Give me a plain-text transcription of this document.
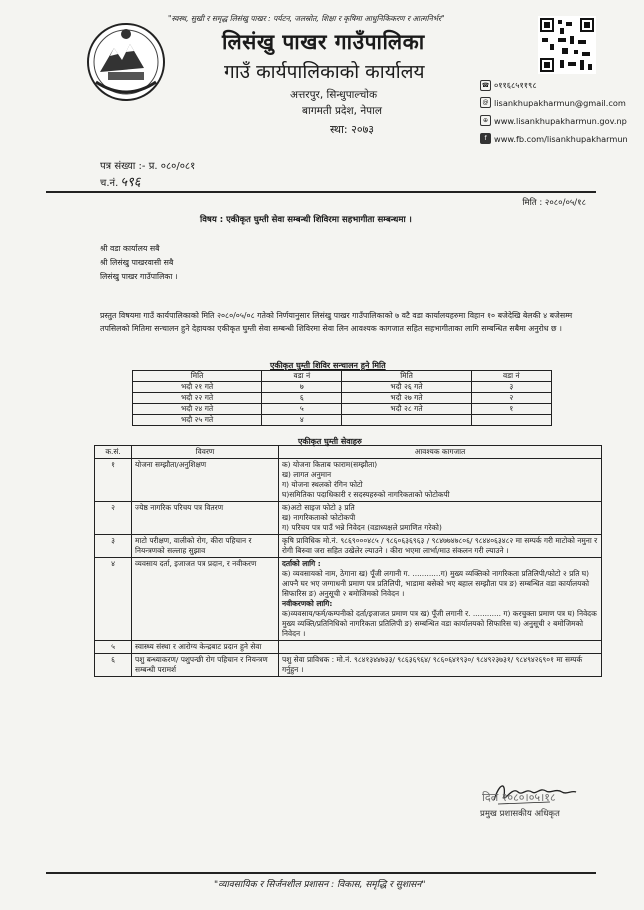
"स्वस्थ, सुखी र समृद्ध लिसंखु पाखर : पर्यटन, जलस्रोत, शिक्षा र कृषिमा आधुनिकिकरण र आत्मनिर्भर"
लिसंखु पाखर गाउँपालिका
गाउँ कार्यपालिकाको कार्यालय
अत्तरपुर, सिन्धुपाल्चोक
बागमती प्रदेश, नेपाल
स्था: २०७३
☎ ०११६८५११९८
@ lisankhupakharmun@gmail.com
⊕ www.lisankhupakharmun.gov.np
f www.fb.com/lisankhupakharmun
पत्र संख्या :- प्र. ०८०/०८१
च.नं. ५९६
मिति : २०८०/०५/१८
विषय : एकीकृत घुम्ती सेवा सम्बन्धी शिविरमा सहभागीता सम्बन्धमा ।
श्री वडा कार्यालय सबै
श्री लिसंखु पाखरवासी सबै
लिसंखु पाखर गाउँपालिका ।
प्रस्तुत विषयमा गाउँ कार्यपालिकाको मिति २०८०/०५/०८ गतेको निर्णयानुसार लिसंखु पाखर गाउँपालिकाको ७ वटै वडा कार्यालयहरुमा विहान १० बजेदेखि बेलकी ४ बजेसम्म तपसिलको मितिमा सन्चालन हुने देहायका एकीकृत घुम्ती सेवा सम्बन्धी शिविरमा सेवा लिन आवश्यक कागजात सहित सहभागीताका लागि सम्बन्धित सबैमा अनुरोध छ ।
एकीकृत घुम्ती शिविर सन्चालन हुने मिति
मिति	वडा नं	मिति	वडा नं
भदौ २१ गते	७	भदौ २६ गते	३
भदौ २२ गते	६	भदौ २७ गते	२
भदौ २४ गते	५	भदौ २८ गते	१
भदौ २५ गते	४		
एकीकृत घुम्ती सेवाहरु
क.सं.	विवरण	आवश्यक कागजात
१	योजना सम्झौता/अनुशिक्षण	क) योजना किताब फाराम(सम्झौता)
ख) लागत अनुमान
ग) योजना स्थलको रंगिन फोटो
घ)समितिका पदाधिकारी र सदस्यहरुको नागरिकताको फोटोकपी

२	ज्येष्ठ नागरिक परिचय पत्र वितरण	क)अटो साइज फोटो ३ प्रति
ख) नागरिकताको फोटोकपी
ग) परिचय पत्र पाउँ भन्ने निवेदन (वडाध्यक्षले प्रमाणित गरेको)

३	माटो परीक्षण, वालीको रोग, कीरा पहिचान र नियन्त्रणको सल्लाह सुझाव	कृषि प्राविधिक मो.नं. ९८६९०००४८५ / ९८६०६३६९६३ / ९८४७७४७८०६/ ९८४४०६३४८२ मा सम्पर्क गरी माटोको नमुना र रोगी बिरुवा जरा सहित उखेलेर ल्याउने । कीरा भएमा लार्भा/माउ संकलन गरी ल्याउने ।

४	व्यवसाय दर्ता, इजाजत पत्र प्रदान, र नवीकरण	दर्ताको लागि :
क) व्यवसायको नाम, ठेगाना ख) पूँजी लगानी ग. ............ग) मुख्य व्यक्तिको नागरिकता प्रतिलिपी/फोटो २ प्रति घ) आफ्नै घर भए जग्गाधनी प्रमाण पत्र प्रतिलिपी, भाडामा बसेको भए बहाल सम्झौता पत्र ङ) सम्बन्धित वडा कार्यालयको सिफारिस ङ) अनुसूची २ बमोजिमको निवेदन ।
नवीकरणको लागि:
क)व्यवसाय/फर्म/कम्पनीको दर्ता/इजाजत प्रमाण पत्र ख) पूँजी लगानी र. ............ ग) करचुक्ता प्रमाण पत्र घ) निवेदक मुख्य व्यक्ति/प्रतिनिधिको नागरिकता प्रतिलिपी ङ) सम्बन्धित वडा कार्यालयको सिफारिस च) अनुसूची २ बमोजिमको निवेदन ।

५	स्वास्थ्य संस्था र आरोग्य केन्द्रबाट प्रदान हुने सेवा	

६	पशु बन्ध्याकरण/ पशुपन्छी रोग पहिचान र नियन्त्रण सम्बन्धी परामर्श	पशु सेवा प्राविधक : मो.नं. ९८४१३४४७३३/ ९८६३६९६४/ ९८६०६४१९३०/ ९८४९२३७३१/ ९८४९४२६९०१ मा सम्पर्क गर्नुहुन ।
दिल २०८०।०५।१८
प्रमुख प्रशासकीय अधिकृत
"व्यावसायिक र सिर्जनशील प्रशासन : विकास, समृद्धि र सुशासन"
